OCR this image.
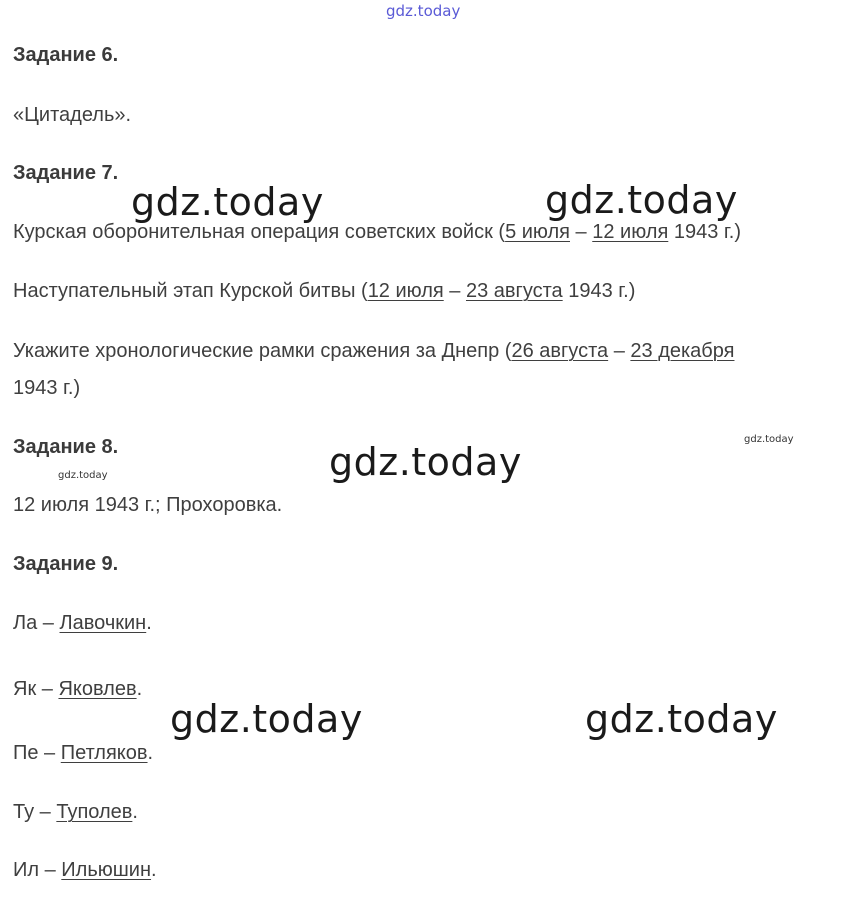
gdz.today
gdz.today	gdz.today
gdz.today
gdz.today
gdz.today
gdz.today	gdz.today
Задание 6.
«Цитадель».
Задание 7.
Курская оборонительная операция советских войск (5 июля – 12 июля 1943 г.)
Наступательный этап Курской битвы (12 июля – 23 августа 1943 г.)
Укажите хронологические рамки сражения за Днепр (26 августа – 23 декабря
1943 г.)
Задание 8.
12 июля 1943 г.; Прохоровка.
Задание 9.
Ла – Лавочкин.
Як – Яковлев.
Пе – Петляков.
Ту – Туполев.
Ил – Ильюшин.
